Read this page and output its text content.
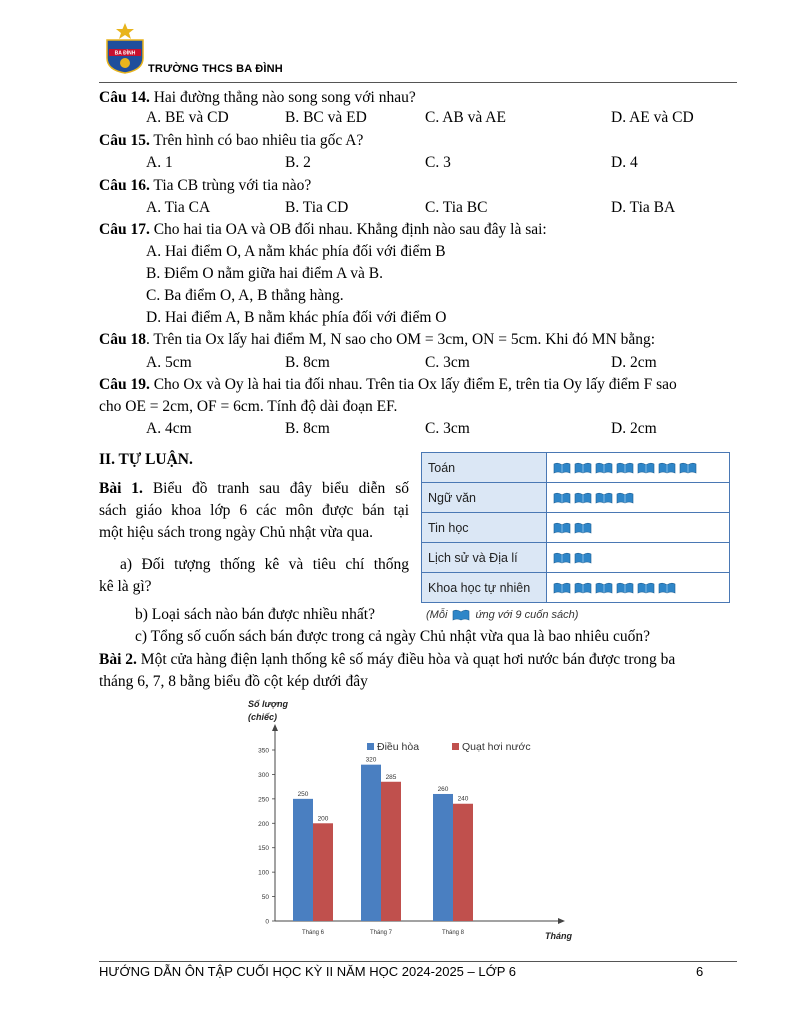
BA ĐÌNH
TRƯỜNG THCS BA ĐÌNH
Câu 14. Hai đường thẳng nào song song với nhau?
A. BE và CD	B. BC và ED	C. AB và AE	D. AE và CD
Câu 15. Trên hình có bao nhiêu tia gốc A?
A. 1	B. 2	C. 3	D. 4
Câu 16. Tia CB trùng với tia nào?
A. Tia CA	B. Tia CD	C. Tia BC	D. Tia BA
Câu 17. Cho hai tia OA và OB đối nhau. Khẳng định nào sau đây là sai:
A. Hai điểm O, A nằm khác phía đối với điểm B
B. Điểm O nằm giữa hai điểm A và B.
C. Ba điểm O, A, B thẳng hàng.
D. Hai điểm A, B nằm khác phía đối với điểm O
Câu 18. Trên tia Ox lấy hai điểm M, N sao cho OM = 3cm, ON = 5cm. Khi đó MN bằng:
A. 5cm	B. 8cm	C. 3cm	D. 2cm
Câu 19. Cho Ox và Oy là hai tia đối nhau. Trên tia Ox lấy điểm E, trên tia Oy lấy điểm F sao
cho OE = 2cm, OF = 6cm. Tính độ dài đoạn EF.
A. 4cm	B. 8cm	C. 3cm	D. 2cm
II. TỰ LUẬN.
Bài 1. Biểu đồ tranh sau đây biểu diễn số
sách giáo khoa lớp 6 các môn được bán tại
một hiệu sách trong ngày Chủ nhật vừa qua.
a) Đối tượng thống kê và tiêu chí thống
kê là gì?
b) Loại sách nào bán được nhiều nhất?
c) Tổng số cuốn sách bán được trong cả ngày Chủ nhật vừa qua là bao nhiêu cuốn?
Toán	
Ngữ văn	
Tin học	
Lịch sử và Địa lí	
Khoa học tự nhiên	
(Mỗi	ứng với 9 cuốn sách)
Bài 2. Một cửa hàng điện lạnh thống kê số máy điều hòa và quạt hơi nước bán được trong ba
tháng 6, 7, 8 bằng biểu đồ cột kép dưới đây
Số lượng
(chiếc)
Tháng
0
50
100
150
200
250
300
350
250
200
Tháng 6
320
285
Tháng 7
260
240
Tháng 8
Điều hòa	Quạt hơi nước
HƯỚNG DẪN ÔN TẬP CUỐI HỌC KỲ II NĂM HỌC 2024-2025 – LỚP 6	6
